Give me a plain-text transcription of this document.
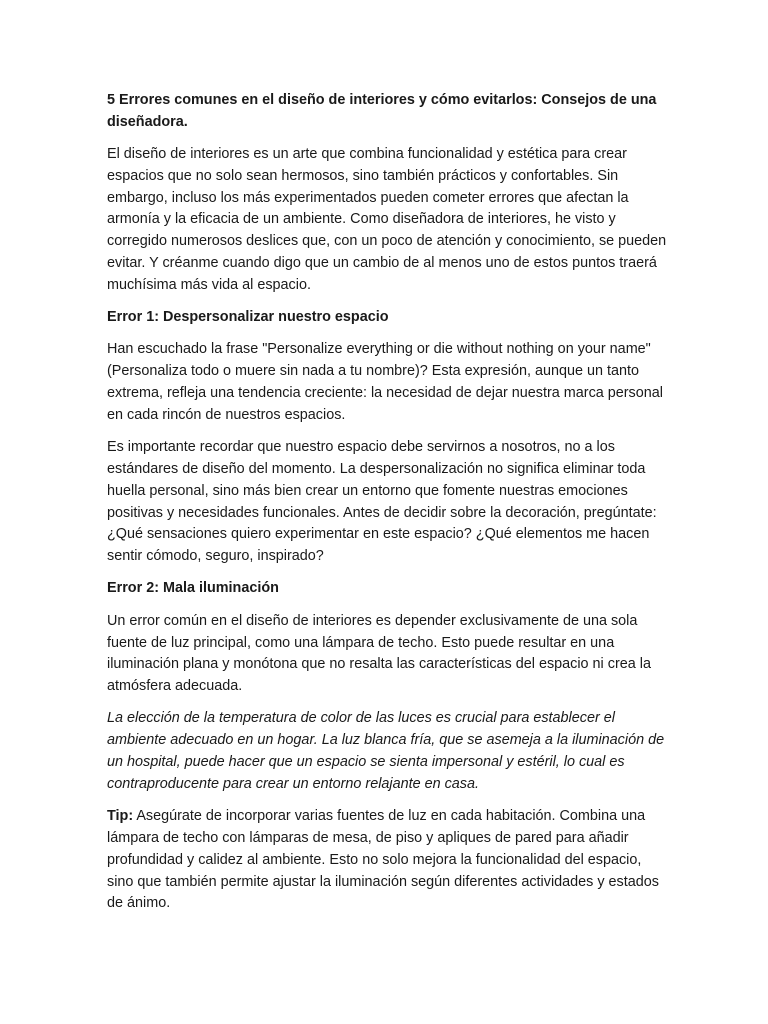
5 Errores comunes en el diseño de interiores y cómo evitarlos: Consejos de una diseñadora.

El diseño de interiores es un arte que combina funcionalidad y estética para crear espacios que no solo sean hermosos, sino también prácticos y confortables. Sin embargo, incluso los más experimentados pueden cometer errores que afectan la armonía y la eficacia de un ambiente. Como diseñadora de interiores, he visto y corregido numerosos deslices que, con un poco de atención y conocimiento, se pueden evitar. Y créanme cuando digo que un cambio de al menos uno de estos puntos traerá muchísima más vida al espacio.

Error 1: Despersonalizar nuestro espacio

Han escuchado la frase "Personalize everything or die without nothing on your name" (Personaliza todo o muere sin nada a tu nombre)? Esta expresión, aunque un tanto extrema, refleja una tendencia creciente: la necesidad de dejar nuestra marca personal en cada rincón de nuestros espacios.

Es importante recordar que nuestro espacio debe servirnos a nosotros, no a los estándares de diseño del momento. La despersonalización no significa eliminar toda huella personal, sino más bien crear un entorno que fomente nuestras emociones positivas y necesidades funcionales. Antes de decidir sobre la decoración, pregúntate: ¿Qué sensaciones quiero experimentar en este espacio? ¿Qué elementos me hacen sentir cómodo, seguro, inspirado?

Error 2: Mala iluminación

Un error común en el diseño de interiores es depender exclusivamente de una sola fuente de luz principal, como una lámpara de techo. Esto puede resultar en una iluminación plana y monótona que no resalta las características del espacio ni crea la atmósfera adecuada.

La elección de la temperatura de color de las luces es crucial para establecer el ambiente adecuado en un hogar. La luz blanca fría, que se asemeja a la iluminación de un hospital, puede hacer que un espacio se sienta impersonal y estéril, lo cual es contraproducente para crear un entorno relajante en casa.

Tip: Asegúrate de incorporar varias fuentes de luz en cada habitación. Combina una lámpara de techo con lámparas de mesa, de piso y apliques de pared para añadir profundidad y calidez al ambiente. Esto no solo mejora la funcionalidad del espacio, sino que también permite ajustar la iluminación según diferentes actividades y estados de ánimo.
